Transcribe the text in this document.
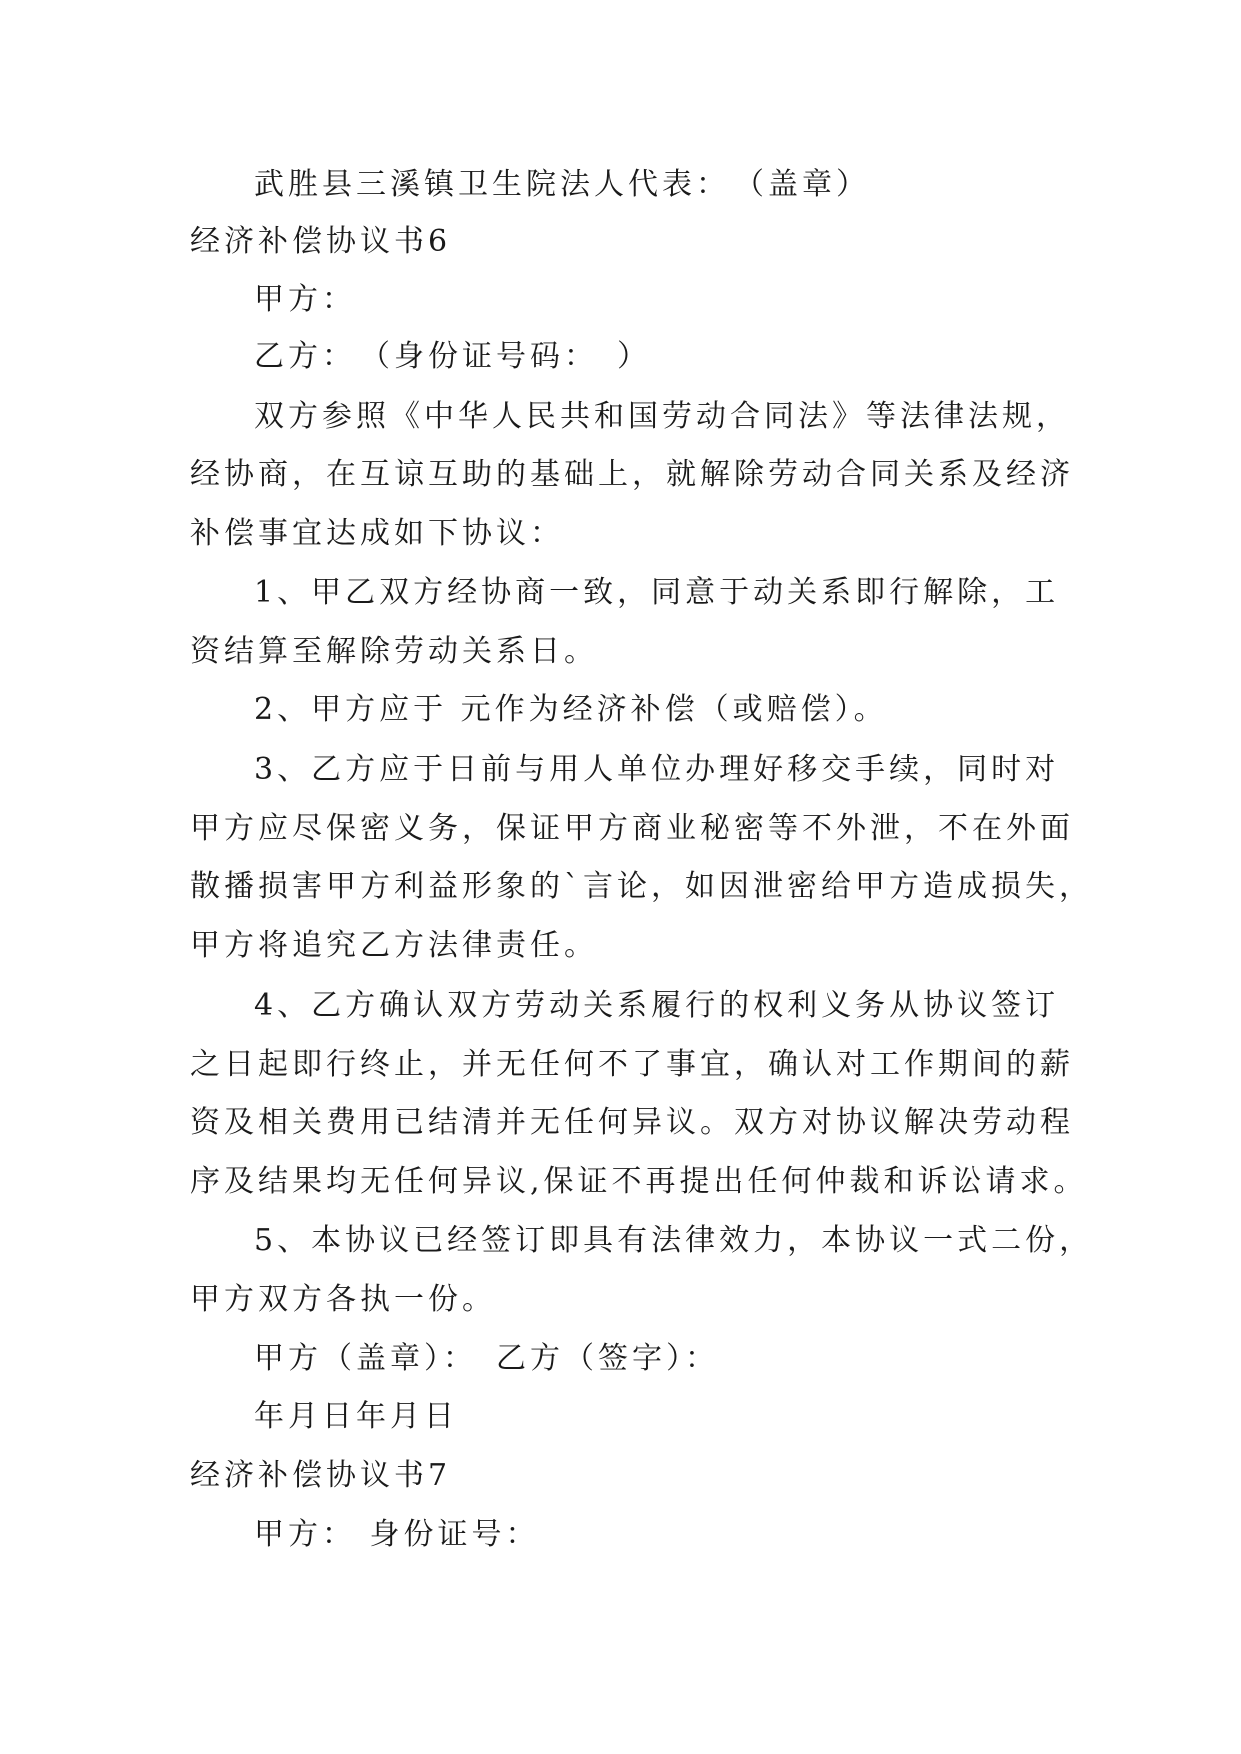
武胜县三溪镇卫生院法人代表：　（盖章）
经济补偿协议书6
甲方：
乙方：　（身份证号码：　）
双方参照《中华人民共和国劳动合同法》等法律法规，
经协商，在互谅互助的基础上，就解除劳动合同关系及经济
补偿事宜达成如下协议：
1、甲乙双方经协商一致，同意于动关系即行解除，工
资结算至解除劳动关系日。
2、甲方应于 元作为经济补偿（或赔偿）。
3、乙方应于日前与用人单位办理好移交手续，同时对
甲方应尽保密义务，保证甲方商业秘密等不外泄，不在外面
散播损害甲方利益形象的`言论，如因泄密给甲方造成损失，
甲方将追究乙方法律责任。
4、乙方确认双方劳动关系履行的权利义务从协议签订
之日起即行终止，并无任何不了事宜，确认对工作期间的薪
资及相关费用已结清并无任何异议。双方对协议解决劳动程
序及结果均无任何异议,保证不再提出任何仲裁和诉讼请求。
5、本协议已经签订即具有法律效力，本协议一式二份，
甲方双方各执一份。
甲方（盖章）：　乙方（签字）：
年月日年月日
经济补偿协议书7
甲方： 身份证号：
